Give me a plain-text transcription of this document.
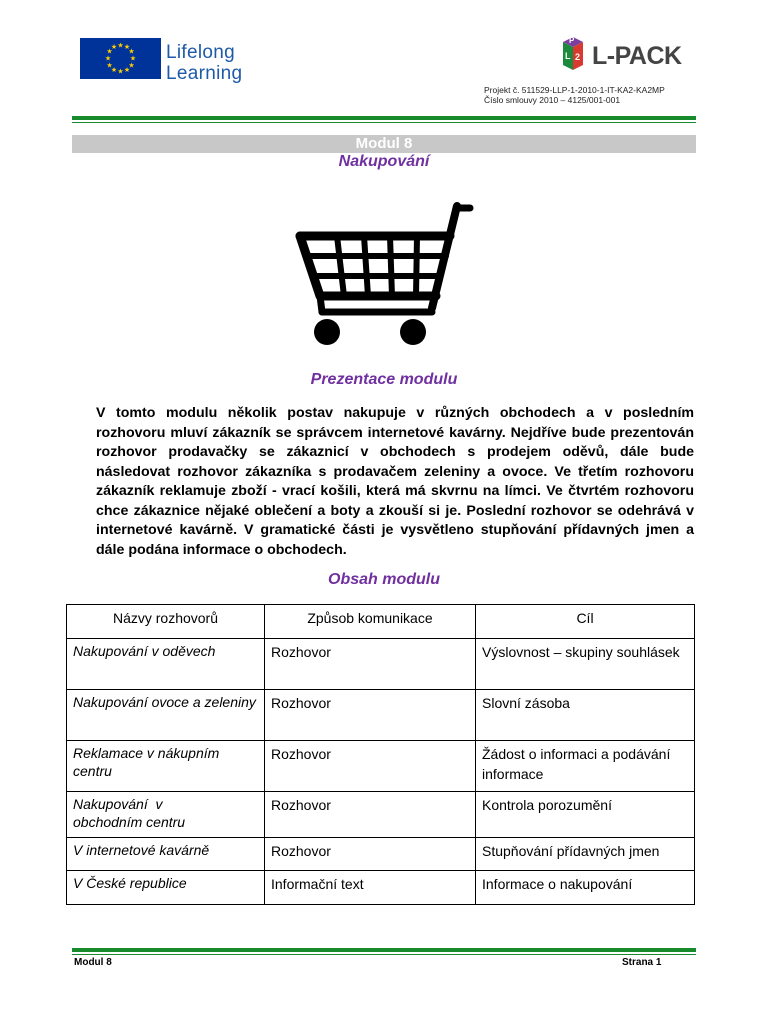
★ ★
★
★
★
★
★
★
★
★
★
★	Lifelong
Learning
P
L 2 L-PACK
Projekt č. 511529-LLP-1-2010-1-IT-KA2-KA2MP
Číslo smlouvy 2010 – 4125/001-001
Modul 8
Nakupování
Prezentace modulu
V tomto modulu několik postav nakupuje v různých obchodech a v posledním rozhovoru mluví zákazník se správcem internetové kavárny. Nejdříve bude prezentován rozhovor prodavačky se zákaznicí v obchodech s prodejem oděvů, dále bude následovat rozhovor zákazníka s prodavačem zeleniny a ovoce. Ve třetím rozhovoru zákazník reklamuje zboží - vrací košili, která má skvrnu na límci. Ve čtvrtém rozhovoru chce zákaznice nějaké oblečení a boty a zkouší si je. Poslední rozhovor se odehrává v internetové kavárně. V gramatické části je vysvětleno stupňování přídavných jmen a dále podána informace o obchodech.
Obsah modulu
Názvy rozhovorů	Způsob komunikace	Cíl
Nakupování v oděvech	Rozhovor	Výslovnost – skupiny souhlásek
Nakupování ovoce a zeleniny	Rozhovor	Slovní zásoba
Reklamace v nákupním centru	Rozhovor	Žádost o informaci a podávání informace
Nakupování  v obchodním centru	Rozhovor	Kontrola porozumění
V internetové kavárně	Rozhovor	Stupňování přídavných jmen
V České republice	Informační text	Informace o nakupování
Modul 8	Strana 1
